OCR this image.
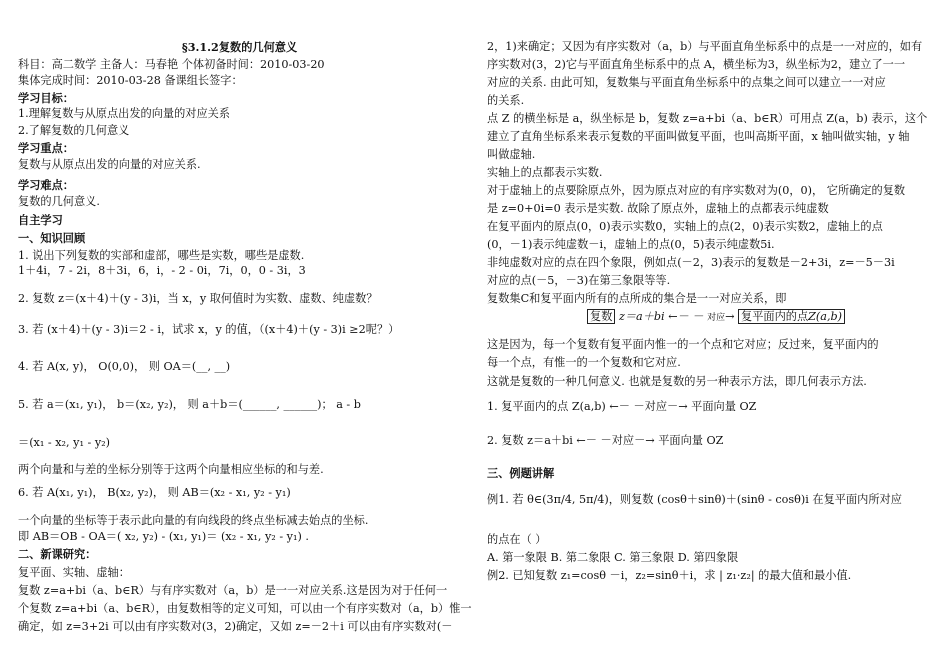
§3.1.2复数的几何意义
科目：高二数学 主备人：马春艳 个体初备时间：2010-03-20
集体完成时间：2010-03-28 备课组长签字：
学习目标：
1.理解复数与从原点出发的向量的对应关系
2.了解复数的几何意义
学习重点：
复数与从原点出发的向量的对应关系.
学习难点：
复数的几何意义.
自主学习
一、知识回顾
1. 说出下列复数的实部和虚部，哪些是实数，哪些是虚数.
1＋4i，7 - 2i，8＋3i，6，i，- 2 - 0i，7i，0，0 - 3i，3
2. 复数 z＝(x＋4)＋(y - 3)i，当 x，y 取何值时为实数、虚数、纯虚数？
3. 若 (x＋4)＋(y - 3)i＝2 - i，试求 x，y 的值，（(x＋4)＋(y - 3)i ≥2呢？）
4. 若 A(x, y)， O(0,0)， 则 OA＝(__, __)
5. 若 a＝(x₁, y₁)， b＝(x₂, y₂)， 则 a＋b＝(______, ______)； a - b
＝(x₁ - x₂, y₁ - y₂)
两个向量和与差的坐标分别等于这两个向量相应坐标的和与差.
6. 若 A(x₁, y₁)， B(x₂, y₂)， 则 AB＝(x₂ - x₁, y₂ - y₁)
一个向量的坐标等于表示此向量的有向线段的终点坐标减去始点的坐标.
即 AB＝OB - OA＝( x₂, y₂) - (x₁, y₁)＝ (x₂ - x₁, y₂ - y₁) .
二、新课研究：
复平面、实轴、虚轴：
复数 z=a+bi（a、b∈R）与有序实数对（a，b）是一一对应关系.这是因为对于任何一
个复数 z=a+bi（a、b∈R），由复数相等的定义可知，可以由一个有序实数对（a，b）惟一
确定，如 z=3+2i 可以由有序实数对(3，2)确定，又如 z=－2＋i 可以由有序实数对(－
复数 z＝a＋bi ←－ － 对应→ 复平面内的点Z(a,b)
2，1)来确定；又因为有序实数对（a，b）与平面直角坐标系中的点是一一对应的，如有
序实数对(3，2)它与平面直角坐标系中的点 A，横坐标为3，纵坐标为2，建立了一一
对应的关系. 由此可知，复数集与平面直角坐标系中的点集之间可以建立一一对应
的关系.
点 Z 的横坐标是 a，纵坐标是 b，复数 z=a+bi（a、b∈R）可用点 Z(a，b) 表示，这个
建立了直角坐标系来表示复数的平面叫做复平面，也叫高斯平面，x 轴叫做实轴，y 轴
叫做虚轴.
实轴上的点都表示实数.
对于虚轴上的点要除原点外，因为原点对应的有序实数对为(0，0)， 它所确定的复数
是 z=0+0i=0 表示是实数. 故除了原点外，虚轴上的点都表示纯虚数
在复平面内的原点(0，0)表示实数0，实轴上的点(2，0)表示实数2，虚轴上的点
(0，－1)表示纯虚数－i，虚轴上的点(0，5)表示纯虚数5i.
非纯虚数对应的点在四个象限，例如点(－2，3)表示的复数是－2+3i，z=－5－3i
对应的点(－5，－3)在第三象限等等.
复数集C和复平面内所有的点所成的集合是一一对应关系，即
这是因为，每一个复数有复平面内惟一的一个点和它对应；反过来，复平面内的
每一个点，有惟一的一个复数和它对应.
这就是复数的一种几何意义. 也就是复数的另一种表示方法，即几何表示方法.
1. 复平面内的点 Z(a,b) ←－ －对应－→ 平面向量 OZ
2. 复数 z＝a＋bi ←－ －对应－→ 平面向量 OZ
三、例题讲解
例1. 若 θ∈(3π/4, 5π/4)，则复数 (cosθ＋sinθ)＋(sinθ - cosθ)i 在复平面内所对应
的点在（ ）
A. 第一象限 B. 第二象限 C. 第三象限 D. 第四象限
例2. 已知复数 z₁=cosθ －i，z₂=sinθ＋i，求 | z₁·z₂| 的最大值和最小值.
